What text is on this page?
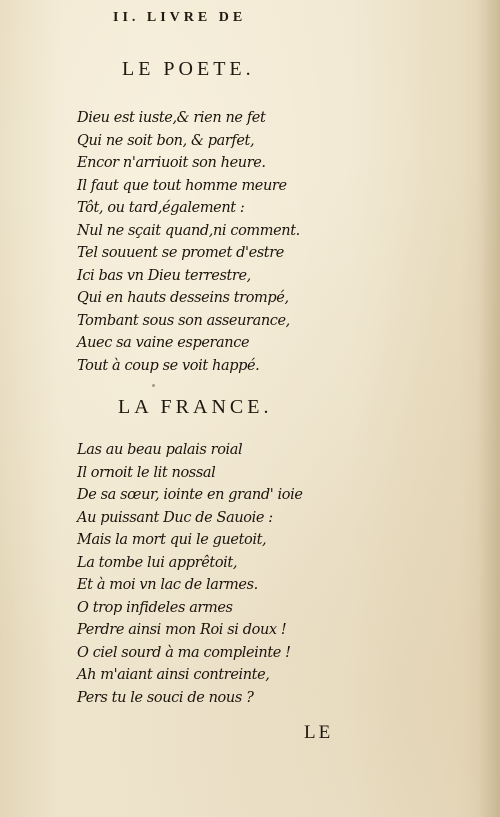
II. LIVRE DE
LE POETE.
Dieu est iuste,& rien ne fet
Qui ne soit bon, & parfet,
Encor n'arriuoit son heure.
Il faut que tout homme meure
Tôt, ou tard,également :
Nul ne sçait quand,ni comment.
Tel souuent se promet d'estre
Ici bas vn Dieu terrestre,
Qui en hauts desseins trompé,
Tombant sous son asseurance,
Auec sa vaine esperance
Tout à coup se voit happé.
LA FRANCE.
Las au beau palais roial
Il ornoit le lit nossal
De sa sœur, iointe en grand' ioie
Au puissant Duc de Sauoie :
Mais la mort qui le guetoit,
La tombe lui apprêtoit,
Et à moi vn lac de larmes.
O trop infideles armes
Perdre ainsi mon Roi si doux !
O ciel sourd à ma compleinte !
Ah m'aiant ainsi contreinte,
Pers tu le souci de nous ?
LE
